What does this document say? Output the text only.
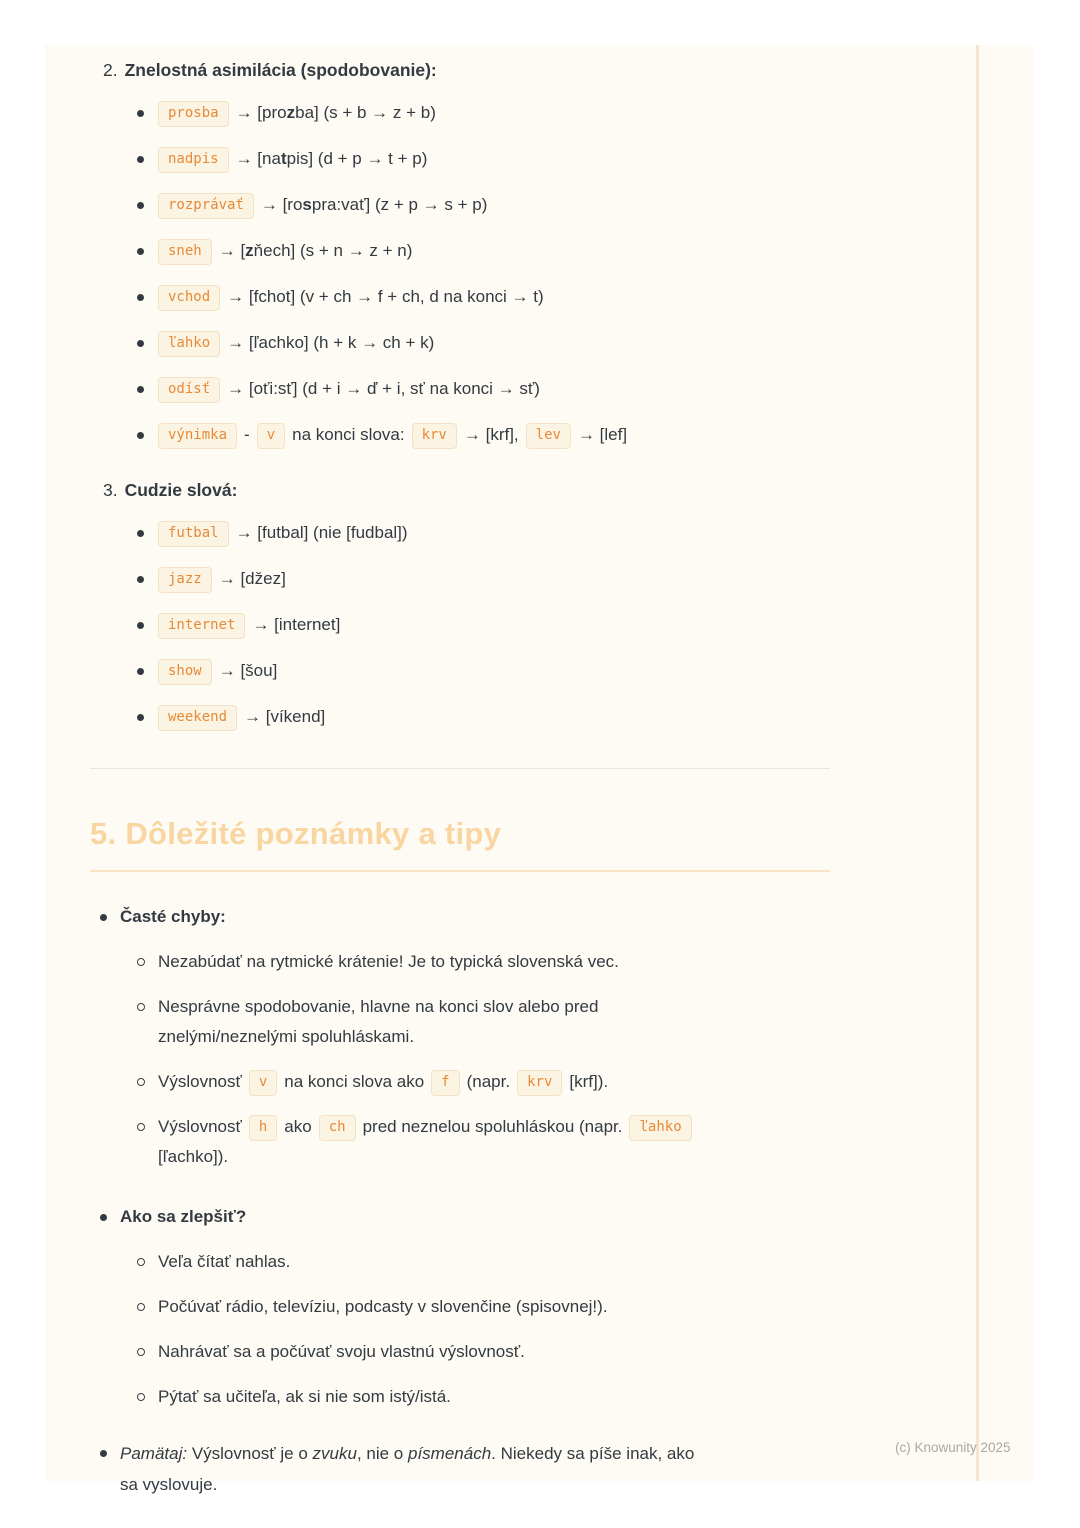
2. Znelostná asimilácia (spodobovanie):
prosba → [prozba] (s + b → z + b)
nadpis → [natpis] (d + p → t + p)
rozprávať → [rospra:vať] (z + p → s + p)
sneh → [zňech] (s + n → z + n)
vchod → [fchot] (v + ch → f + ch, d na konci → t)
ľahko → [ľachko] (h + k → ch + k)
odísť → [oťi:sť] (d + i → ď + i, sť na konci → sť)
výnimka - v na konci slova: krv → [krf], lev → [lef]
3. Cudzie slová:
futbal → [futbal] (nie [fudbal])
jazz → [džez]
internet → [internet]
show → [šou]
weekend → [víkend]
5. Dôležité poznámky a tipy
Časté chyby:
Nezabúdať na rytmické krátenie! Je to typická slovenská vec.
Nesprávne spodobovanie, hlavne na konci slov alebo pred
znelými/neznelými spoluhláskami.
Výslovnosť v na konci slova ako f (napr. krv [krf]).
Výslovnosť h ako ch pred neznelou spoluhláskou (napr. ľahko
[ľachko]).
Ako sa zlepšiť?
Veľa čítať nahlas.
Počúvať rádio, televíziu, podcasty v slovenčine (spisovnej!).
Nahrávať sa a počúvať svoju vlastnú výslovnosť.
Pýtať sa učiteľa, ak si nie som istý/istá.
Pamätaj: Výslovnosť je o zvuku, nie o písmenách. Niekedy sa píše inak, ako
sa vyslovuje.
(c) Knowunity 2025
